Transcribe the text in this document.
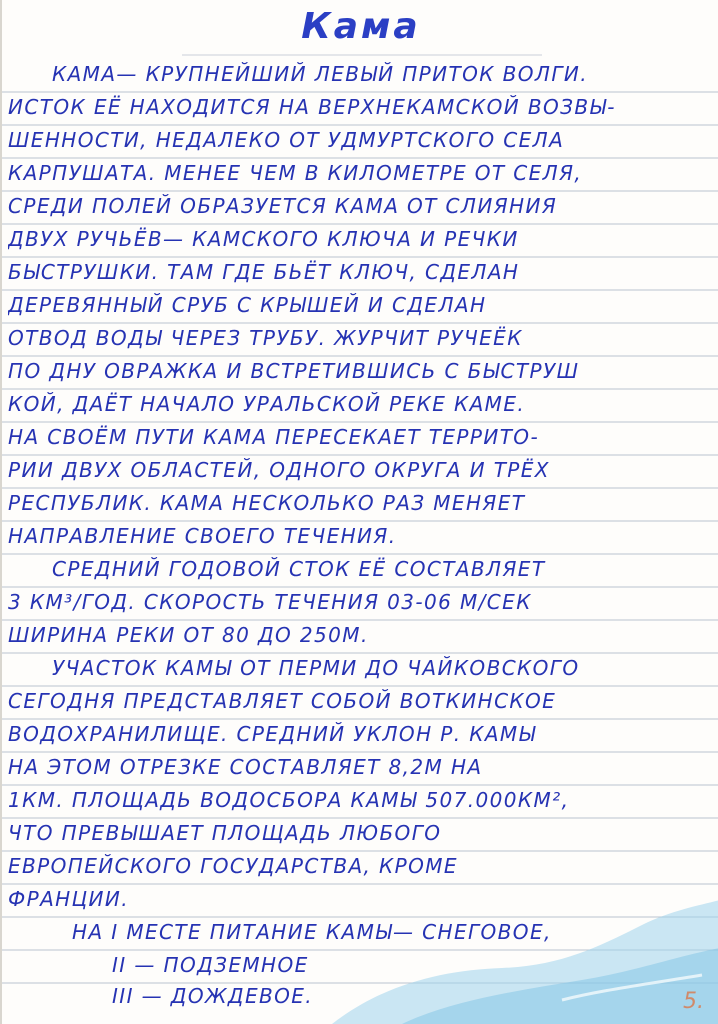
Кама
КАМА— КРУПНЕЙШИЙ ЛЕВЫЙ ПРИТОК ВОЛГИ.
ИСТОК ЕЁ НАХОДИТСЯ НА ВЕРХНЕКАМСКОЙ ВОЗВЫ-
ШЕННОСТИ, НЕДАЛЕКО ОТ УДМУРТСКОГО СЕЛА
КАРПУШАТА. МЕНЕЕ ЧЕМ В КИЛОМЕТРЕ ОТ СЕЛЯ,
СРЕДИ ПОЛЕЙ ОБРАЗУЕТСЯ КАМА ОТ СЛИЯНИЯ
ДВУХ РУЧЬЁВ— КАМСКОГО КЛЮЧА И РЕЧКИ
БЫСТРУШКИ. ТАМ ГДЕ БЬЁТ КЛЮЧ, СДЕЛАН
ДЕРЕВЯННЫЙ СРУБ С КРЫШЕЙ И СДЕЛАН
ОТВОД ВОДЫ ЧЕРЕЗ ТРУБУ. ЖУРЧИТ РУЧЕЁК
ПО ДНУ ОВРАЖКА И ВСТРЕТИВШИСЬ С БЫСТРУШ
КОЙ, ДАЁТ НАЧАЛО УРАЛЬСКОЙ РЕКЕ КАМЕ.
НА СВОЁМ ПУТИ КАМА ПЕРЕСЕКАЕТ ТЕРРИТО-
РИИ ДВУХ ОБЛАСТЕЙ, ОДНОГО ОКРУГА И ТРЁХ
РЕСПУБЛИК. КАМА НЕСКОЛЬКО РАЗ МЕНЯЕТ
НАПРАВЛЕНИЕ СВОЕГО ТЕЧЕНИЯ.
СРЕДНИЙ ГОДОВОЙ СТОК ЕЁ СОСТАВЛЯЕТ
3 КМ³/ГОД. СКОРОСТЬ ТЕЧЕНИЯ 03-06 М/СЕК
ШИРИНА РЕКИ ОТ 80 ДО 250М.
УЧАСТОК КАМЫ ОТ ПЕРМИ ДО ЧАЙКОВСКОГО
СЕГОДНЯ ПРЕДСТАВЛЯЕТ СОБОЙ ВОТКИНСКОЕ
ВОДОХРАНИЛИЩЕ. СРЕДНИЙ УКЛОН Р. КАМЫ
НА ЭТОМ ОТРЕЗКЕ СОСТАВЛЯЕТ 8,2М НА
1КМ. ПЛОЩАДЬ ВОДОСБОРА КАМЫ 507.000КМ²,
ЧТО ПРЕВЫШАЕТ ПЛОЩАДЬ ЛЮБОГО
ЕВРОПЕЙСКОГО ГОСУДАРСТВА, КРОМЕ
ФРАНЦИИ.
НА I МЕСТЕ ПИТАНИЕ КАМЫ— СНЕГОВОЕ,
II — ПОДЗЕМНОЕ
III — ДОЖДЕВОЕ.	5.
